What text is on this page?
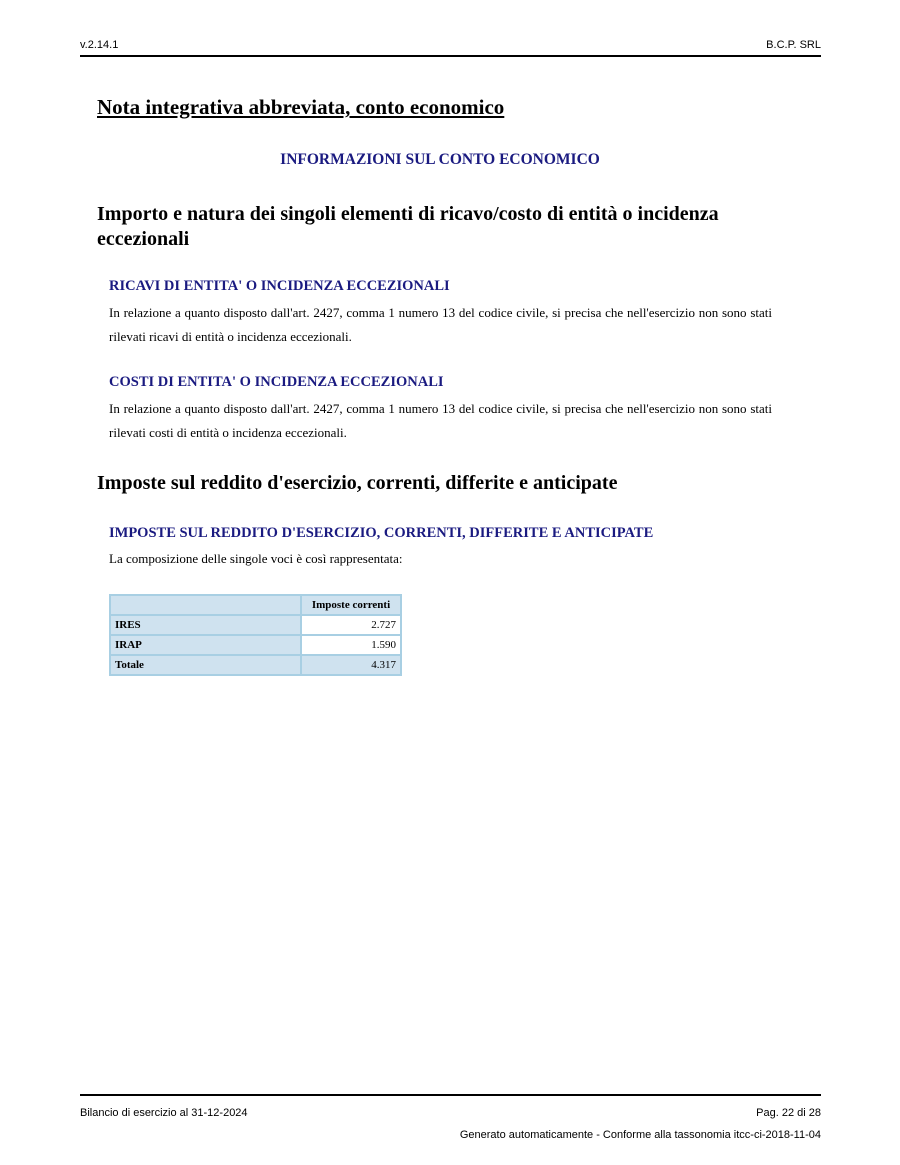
v.2.14.1	B.C.P. SRL
Nota integrativa abbreviata, conto economico
INFORMAZIONI SUL CONTO ECONOMICO
Importo e natura dei singoli elementi di ricavo/costo di entità o incidenza eccezionali
RICAVI DI ENTITA' O INCIDENZA ECCEZIONALI

In relazione a quanto disposto dall'art. 2427, comma 1 numero 13 del codice civile, si precisa che nell'esercizio non sono stati rilevati ricavi di entità o incidenza eccezionali.

COSTI DI ENTITA' O INCIDENZA ECCEZIONALI

In relazione a quanto disposto dall'art. 2427, comma 1 numero 13 del codice civile, si precisa che nell'esercizio non sono stati rilevati costi di entità o incidenza eccezionali.

Imposte sul reddito d'esercizio, correnti, differite e anticipate
IMPOSTE SUL REDDITO D'ESERCIZIO, CORRENTI, DIFFERITE E ANTICIPATE

La composizione delle singole voci è così rappresentata:

	Imposte correnti
IRES	2.727
IRAP	1.590
Totale	4.317
Bilancio di esercizio al 31-12-2024	Pag. 22 di 28
Generato automaticamente - Conforme alla tassonomia itcc-ci-2018-11-04
